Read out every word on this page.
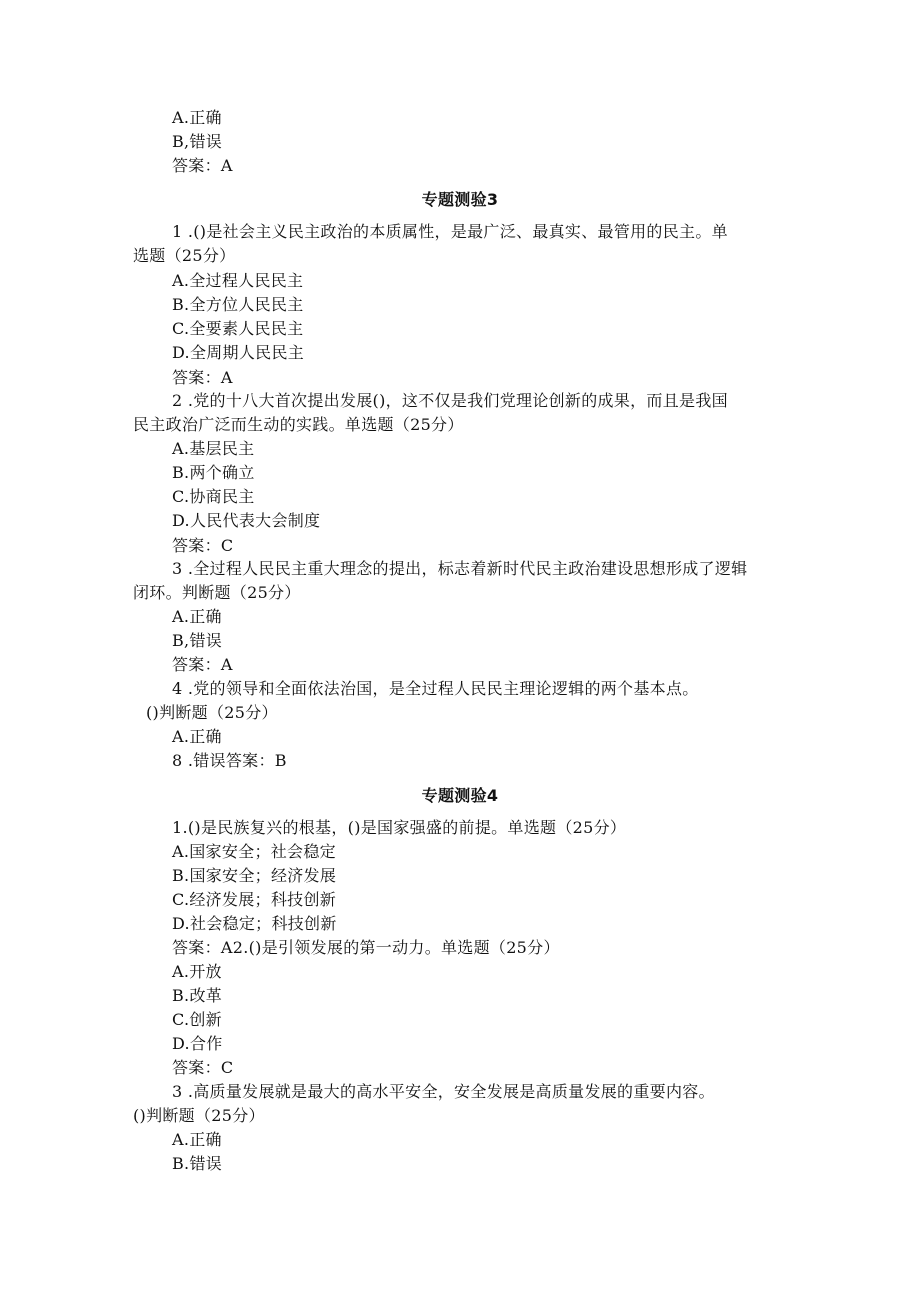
A.正确
B,错误
答案：A
专题测验3
1 .()是社会主义民主政治的本质属性，是最广泛、最真实、最管用的民主。单
选题（25分）
A.全过程人民民主
B.全方位人民民主
C.全要素人民民主
D.全周期人民民主
答案：A
2 .党的十八大首次提出发展()，这不仅是我们党理论创新的成果，而且是我国
民主政治广泛而生动的实践。单选题（25分）
A.基层民主
B.两个确立
C.协商民主
D.人民代表大会制度
答案：C
3 .全过程人民民主重大理念的提出，标志着新时代民主政治建设思想形成了逻辑
闭环。判断题（25分）
A.正确
B,错误
答案：A
4 .党的领导和全面依法治国，是全过程人民民主理论逻辑的两个基本点。
()判断题（25分）
A.正确
8 .错误答案：B
专题测验4
1.()是民族复兴的根基，()是国家强盛的前提。单选题（25分）
A.国家安全；社会稳定
B.国家安全；经济发展
C.经济发展；科技创新
D.社会稳定；科技创新
答案：A2.()是引领发展的第一动力。单选题（25分）
A.开放
B.改革
C.创新
D.合作
答案：C
3 .高质量发展就是最大的高水平安全，安全发展是高质量发展的重要内容。
()判断题（25分）
A.正确
B.错误
